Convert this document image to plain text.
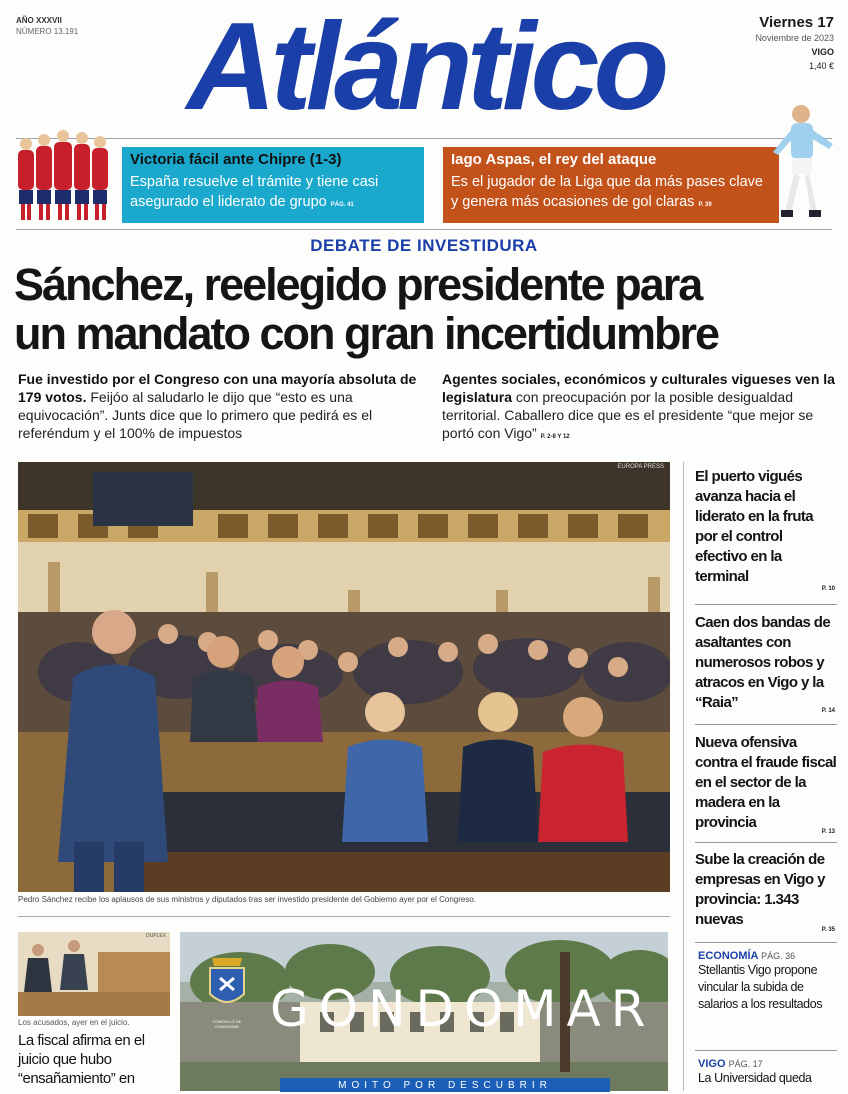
AÑO XXXVII
NÚMERO 13.191 Atlántico	Viernes 17
Noviembre de 2023
VIGO
1,40 €
Victoria fácil ante Chipre (1-3)
España resuelve el trámite y tiene casi asegurado el liderato de grupo PÁG. 41
Iago Aspas, el rey del ataque
Es el jugador de la Liga que da más pases clave y genera más ocasiones de gol claras P. 39
DEBATE DE INVESTIDURA
Sánchez, reelegido presidente para
un mandato con gran incertidumbre
Fue investido por el Congreso con una mayoría absoluta de 179 votos. Feijóo al saludarlo le dijo que “esto es una equivocación”. Junts dice que lo primero que pedirá es el referéndum y el 100% de impuestos
Agentes sociales, económicos y culturales vigueses ven la legislatura con preocupación por la posible desigualdad territorial. Caballero dice que es el presidente “que mejor se portó con Vigo” P. 2-8 Y 12
EUROPA PRESS
Pedro Sánchez recibe los aplausos de sus ministros y diputados tras ser investido presidente del Gobierno ayer por el Congreso.
El puerto vigués avanza hacia el liderato en la fruta por el control efectivo en la terminal
P. 10
Caen dos bandas de asaltantes con numerosos robos y atracos en Vigo y la “Raia”	P. 14
Nueva ofensiva contra el fraude fiscal en el sector de la madera en la provincia
P. 13
Sube la creación de empresas en Vigo y provincia: 1.343 nuevas
P. 35
ECONOMÍA PÁG. 36
Stellantis Vigo propone vincular la subida de salarios a los resultados
VIGO PÁG. 17
La Universidad queda
DUPLEX
Los acusados, ayer en el juicio.
La fiscal afirma en el juicio que hubo “ensañamiento” en
CONCELLO DE GONDOMAR GONDOMAR
MOITO POR DESCUBRIR
